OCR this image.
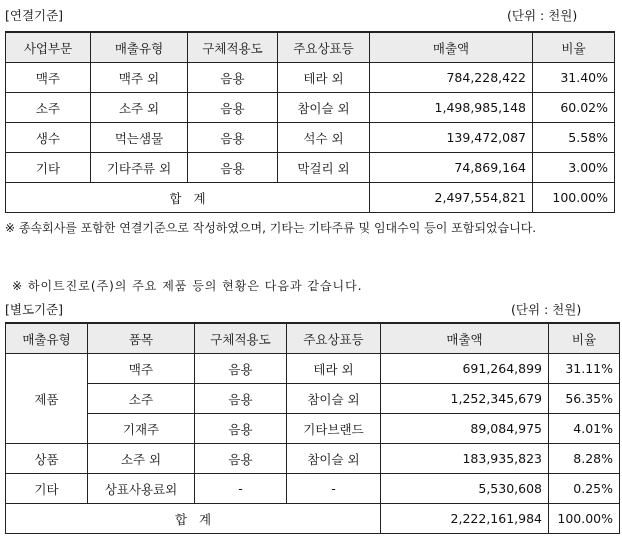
[연결기준]	(단위 : 천원)
사업부문	매출유형	구체적용도	주요상표등	매출액	비율
맥주	맥주 외	음용	테라 외	784,228,422	31.40%
소주	소주 외	음용	참이슬 외	1,498,985,148	60.02%
생수	먹는샘물	음용	석수 외	139,472,087	5.58%
기타	기타주류 외	음용	막걸리 외	74,869,164	3.00%
합   계				2,497,554,821	100.00%
※ 종속회사를 포함한 연결기준으로 작성하였으며, 기타는 기타주류 및 임대수익 등이 포함되었습니다.
※ 하이트진로(주)의 주요 제품 등의 현황은 다음과 같습니다.
[별도기준]	(단위 : 천원)
매출유형	품목	구체적용도	주요상표등	매출액	비율
제품	맥주	음용	테라 외	691,264,899	31.11%
	소주	음용	참이슬 외	1,252,345,679	56.35%
	기재주	음용	기타브랜드	89,084,975	4.01%
상품	소주 외	음용	참이슬 외	183,935,823	8.28%
기타	상표사용료외	-	-	5,530,608	0.25%
합   계				2,222,161,984	100.00%
